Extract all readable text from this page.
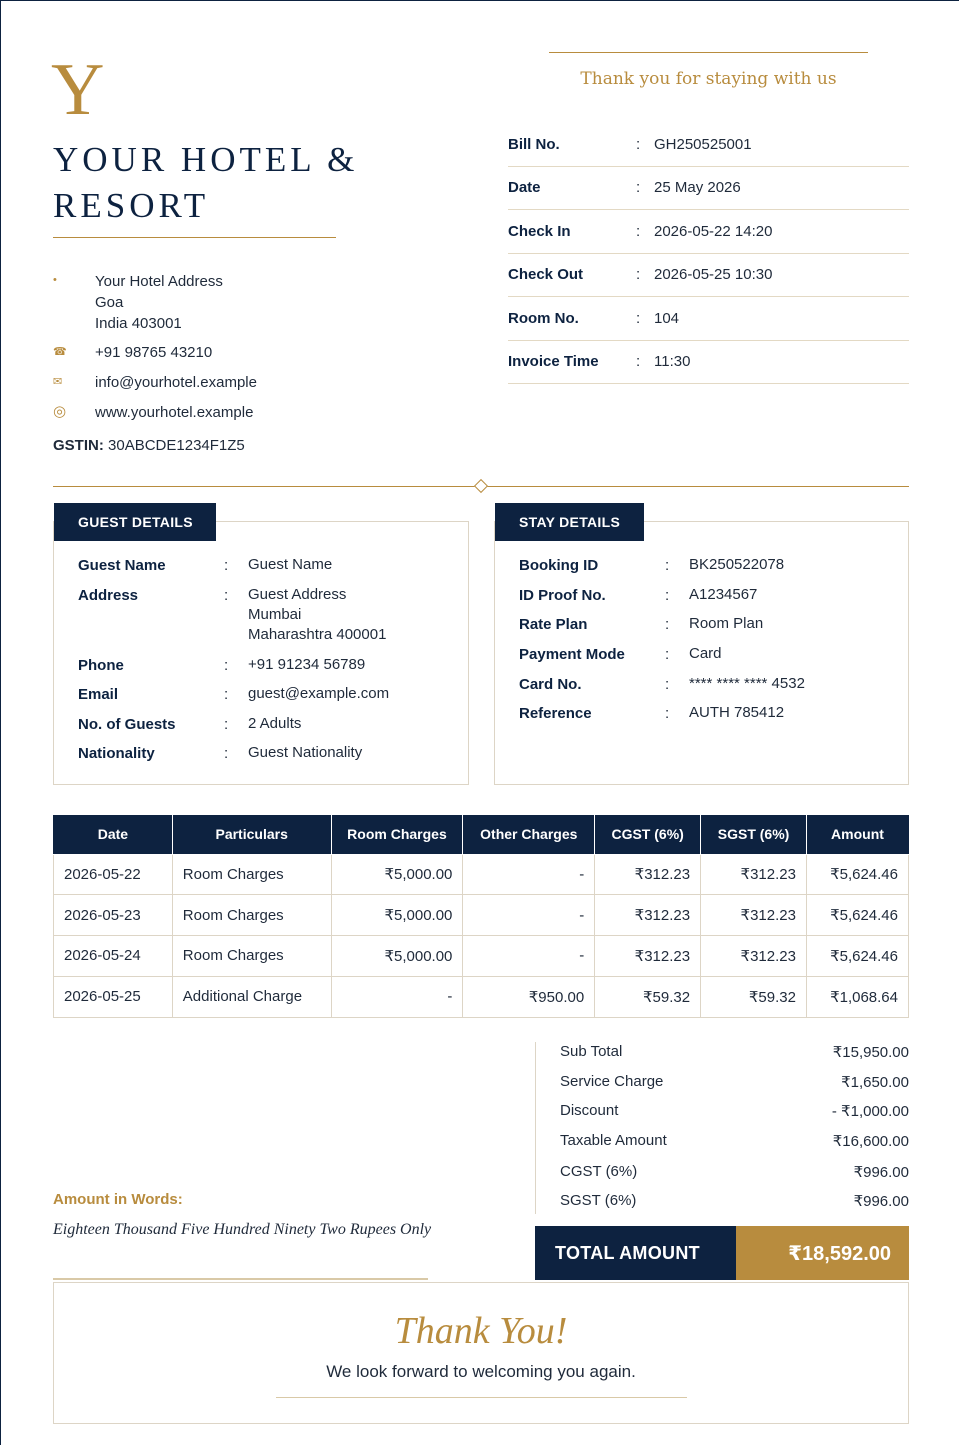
Y
YOUR HOTEL &
RESORT
•	Your Hotel Address
Goa
India 403001
☎	+91 98765 43210
✉	info@yourhotel.example
◎	www.yourhotel.example
GSTIN: 30ABCDE1234F1Z5
Thank you for staying with us
Bill No.	: GH250525001
Date	: 25 May 2026
Check In	: 2026-05-22 14:20
Check Out	: 2026-05-25 10:30
Room No.	: 104
Invoice Time	: 11:30
GUEST DETAILS
Guest Name	: Guest Name
Address	: Guest Address
Mumbai
Maharashtra 400001
Phone	: +91 91234 56789
Email	: guest@example.com
No. of Guests	: 2 Adults
Nationality	: Guest Nationality
STAY DETAILS
Booking ID	: BK250522078
ID Proof No.	: A1234567
Rate Plan	: Room Plan
Payment Mode	: Card
Card No.	: **** **** **** 4532
Reference	: AUTH 785412
Date	Particulars	Room Charges	Other Charges	CGST (6%)	SGST (6%)	Amount
2026-05-22	Room Charges	₹5,000.00	-	₹312.23	₹312.23	₹5,624.46
2026-05-23	Room Charges	₹5,000.00	-	₹312.23	₹312.23	₹5,624.46
2026-05-24	Room Charges	₹5,000.00	-	₹312.23	₹312.23	₹5,624.46
2026-05-25	Additional Charge	-	₹950.00	₹59.32	₹59.32	₹1,068.64
Sub Total	₹15,950.00
Service Charge	₹1,650.00
Discount	- ₹1,000.00
Taxable Amount	₹16,600.00
CGST (6%)	₹996.00
SGST (6%)	₹996.00
Amount in Words:
Eighteen Thousand Five Hundred Ninety Two Rupees Only
TOTAL AMOUNT	₹18,592.00
Thank You!
We look forward to welcoming you again.
